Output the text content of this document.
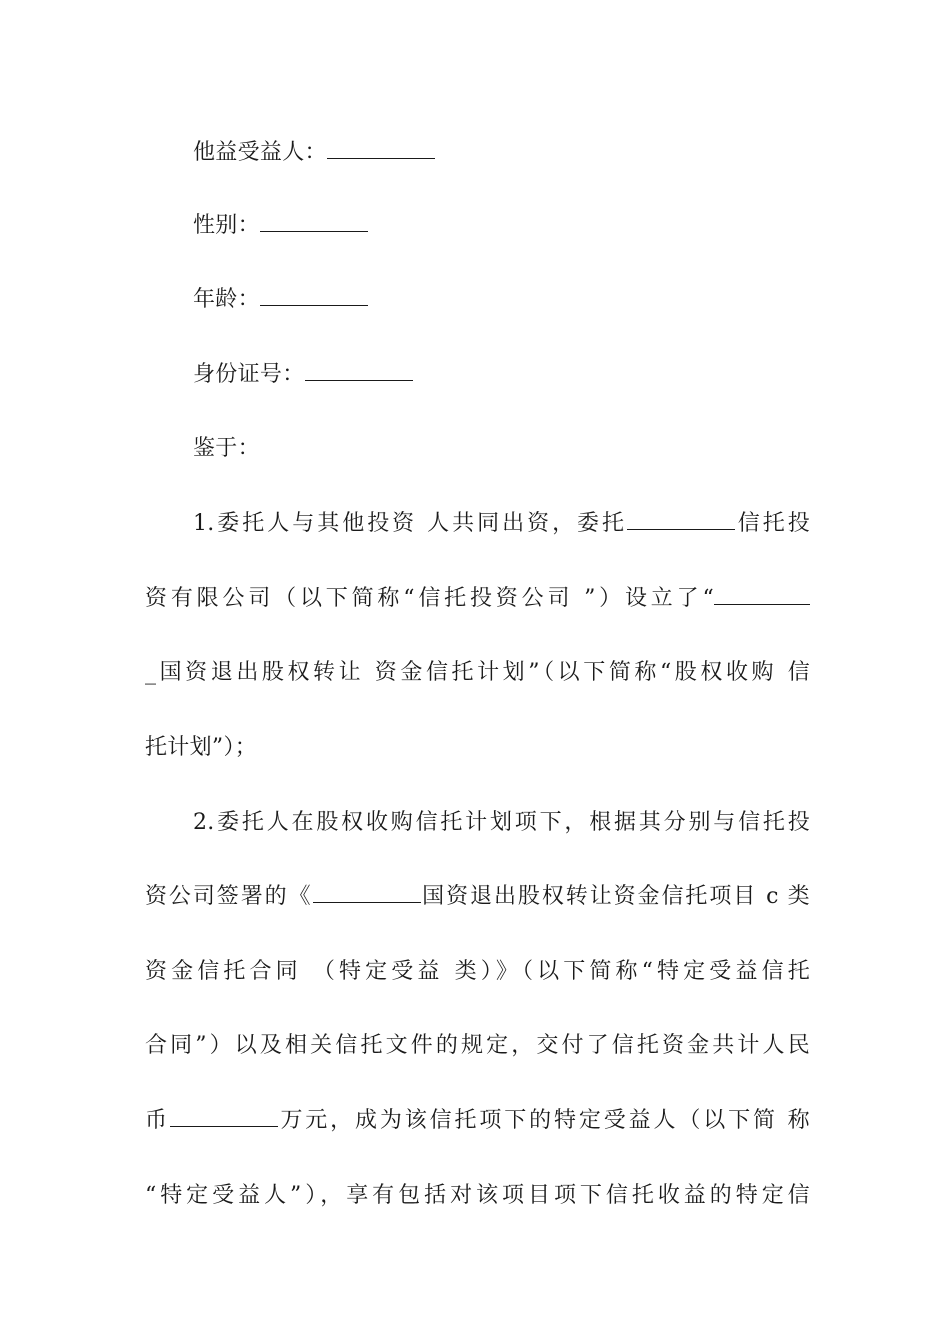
他益受益人：
性别：
年龄：
身份证号：
鉴于：
1.委托人与其他投资 人共同出资，委托	信托投
资有限公司（以下简称“信托投资公司 ”）设立了“
_国资退出股权转让 资金信托计划”（以下简称“股权收购 信
托计划”）；
2.委托人在股权收购信托计划项下，根据其分别与信托投
资公司签署的《	国资退出股权转让资金信托项目 c 类
资金信托合同 （特定受益 类）》（以下简称“特定受益信托
合同”）以及相关信托文件的规定，交付了信托资金共计人民
币	万元，成为该信托项下的特定受益人（以下简 称
“特定受益人”），享有包括对该项目项下信托收益的特定信
